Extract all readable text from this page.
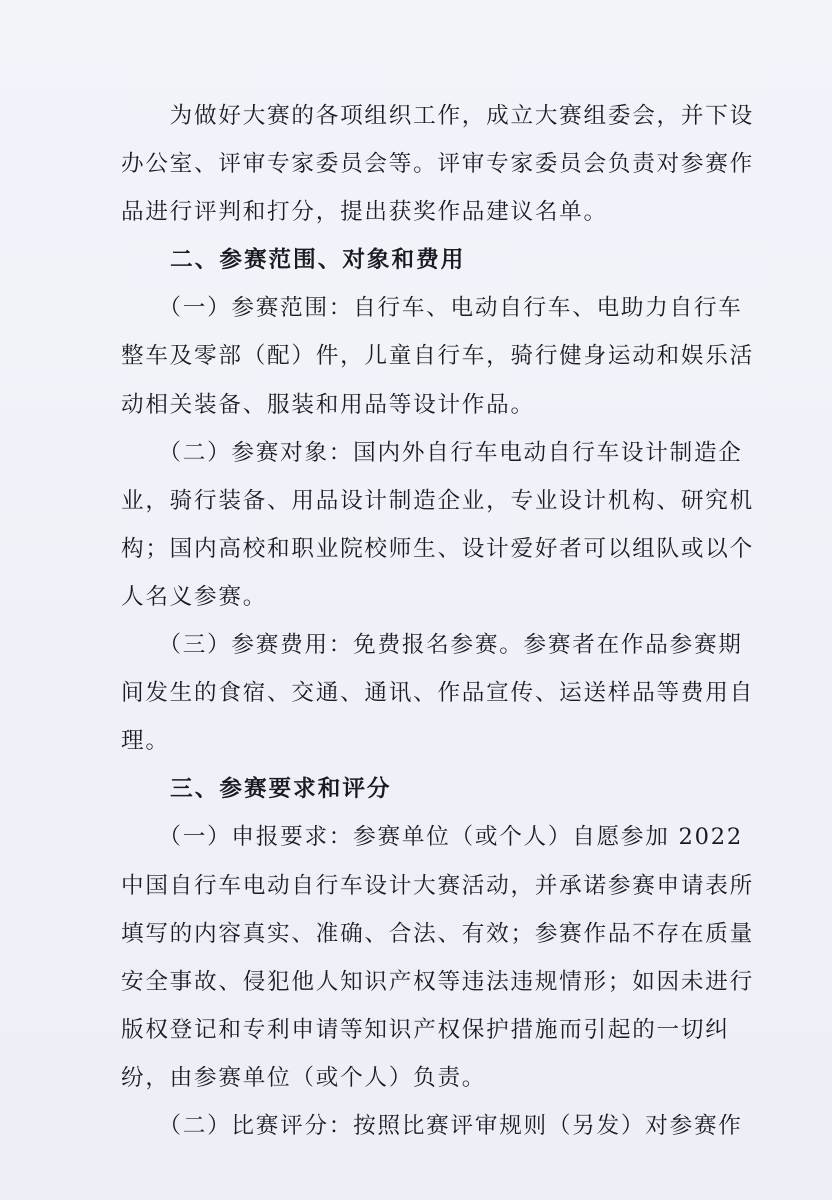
　　为做好大赛的各项组织工作，成立大赛组委会，并下设
办公室、评审专家委员会等。评审专家委员会负责对参赛作
品进行评判和打分，提出获奖作品建议名单。
　　二、参赛范围、对象和费用
　　（一）参赛范围：自行车、电动自行车、电助力自行车
整车及零部（配）件，儿童自行车，骑行健身运动和娱乐活
动相关装备、服装和用品等设计作品。
　　（二）参赛对象：国内外自行车电动自行车设计制造企
业，骑行装备、用品设计制造企业，专业设计机构、研究机
构；国内高校和职业院校师生、设计爱好者可以组队或以个
人名义参赛。
　　（三）参赛费用：免费报名参赛。参赛者在作品参赛期
间发生的食宿、交通、通讯、作品宣传、运送样品等费用自
理。
　　三、参赛要求和评分
　　（一）申报要求：参赛单位（或个人）自愿参加 2022
中国自行车电动自行车设计大赛活动，并承诺参赛申请表所
填写的内容真实、准确、合法、有效；参赛作品不存在质量
安全事故、侵犯他人知识产权等违法违规情形；如因未进行
版权登记和专利申请等知识产权保护措施而引起的一切纠
纷，由参赛单位（或个人）负责。
　　（二）比赛评分：按照比赛评审规则（另发）对参赛作
